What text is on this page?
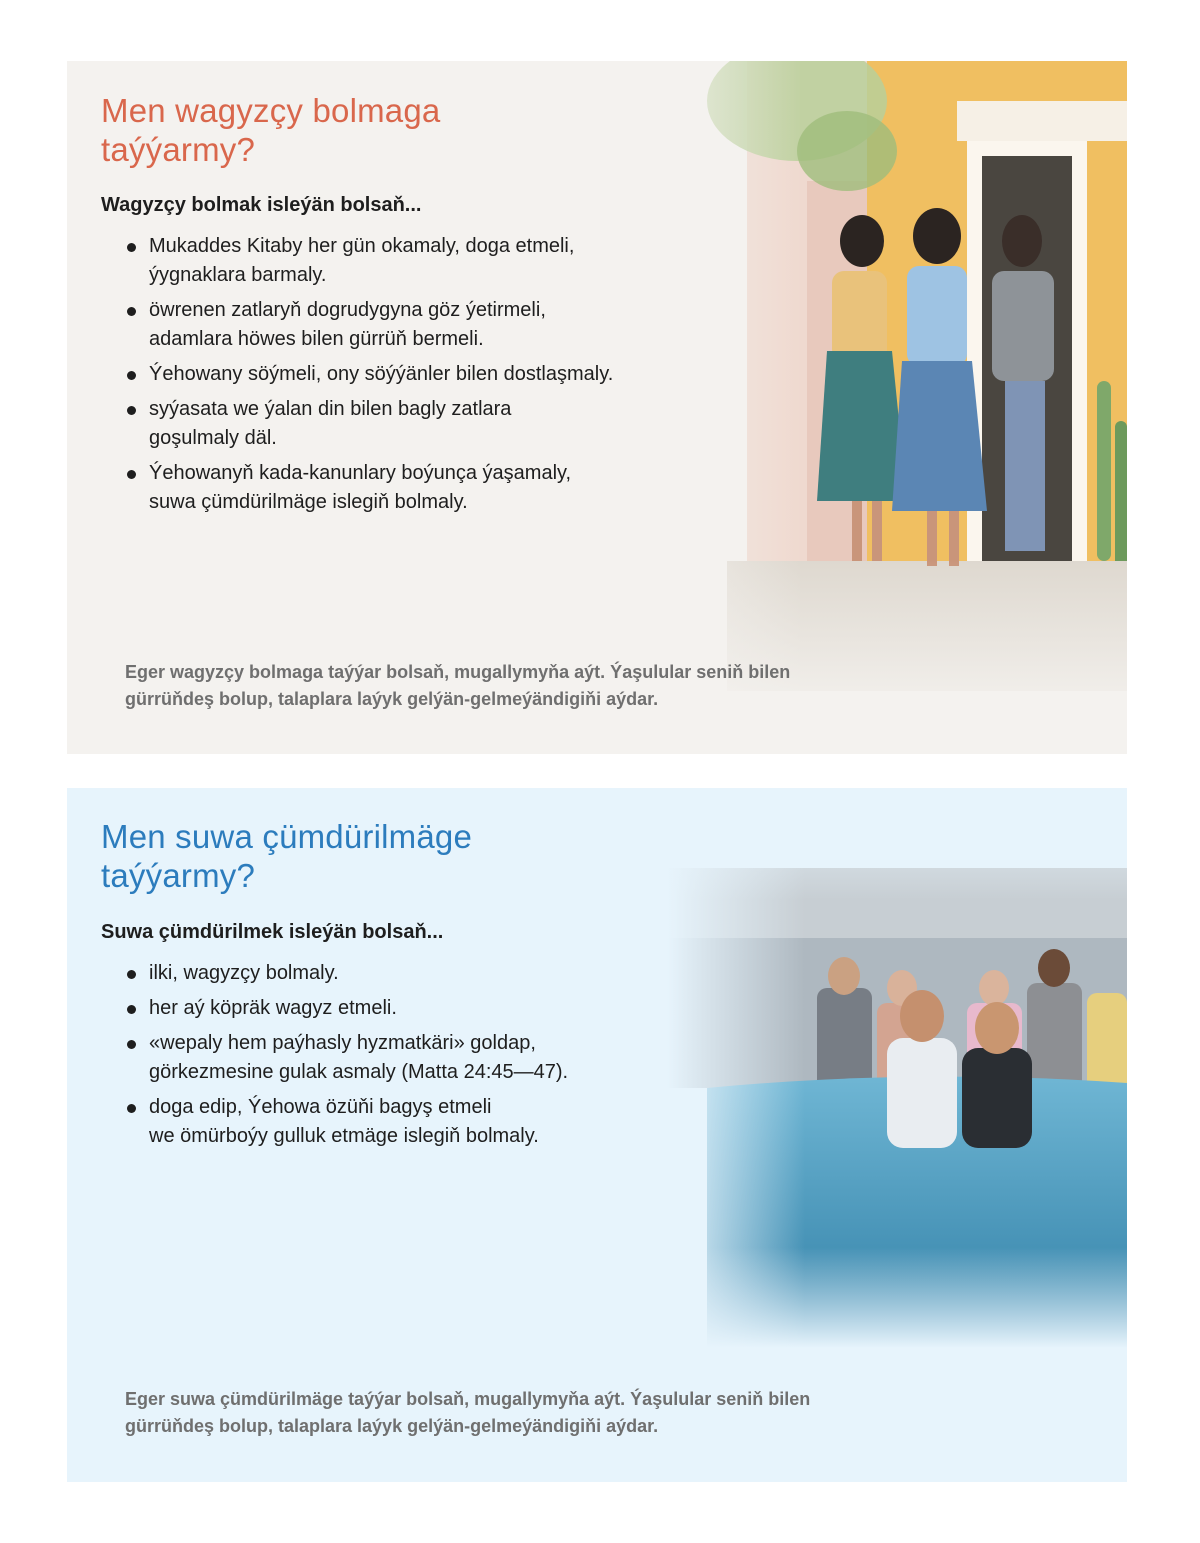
Men wagyzçy bolmaga
taýýarmy?

Wagyzçy bolmak isleýän bolsaň...

Mukaddes Kitaby her gün okamaly, doga etmeli,
ýygnaklara barmaly.
öwrenen zatlaryň dogrudygyna göz ýetirmeli,
adamlara höwes bilen gürrüň bermeli.
Ýehowany söýmeli, ony söýýänler bilen dostlaşmaly.
syýasata we ýalan din bilen bagly zatlara
goşulmaly däl.
Ýehowanyň kada-kanunlary boýunça ýaşamaly,
suwa çümdürilmäge islegiň bolmaly.

Eger wagyzçy bolmaga taýýar bolsaň, mugallymyňa aýt. Ýaşulular seniň bilen
gürrüňdeş bolup, talaplara laýyk gelýän-gelmeýändigiňi aýdar.

Men suwa çümdürilmäge
taýýarmy?

Suwa çümdürilmek isleýän bolsaň...

ilki, wagyzçy bolmaly.
her aý köpräk wagyz etmeli.
«wepaly hem paýhasly hyzmatkäri» goldap,
görkezmesine gulak asmaly (Matta 24:45—47).
doga edip, Ýehowa özüňi bagyş etmeli
we ömürboýy gulluk etmäge islegiň bolmaly.

Eger suwa çümdürilmäge taýýar bolsaň, mugallymyňa aýt. Ýaşulular seniň bilen
gürrüňdeş bolup, talaplara laýyk gelýän-gelmeýändigiňi aýdar.
